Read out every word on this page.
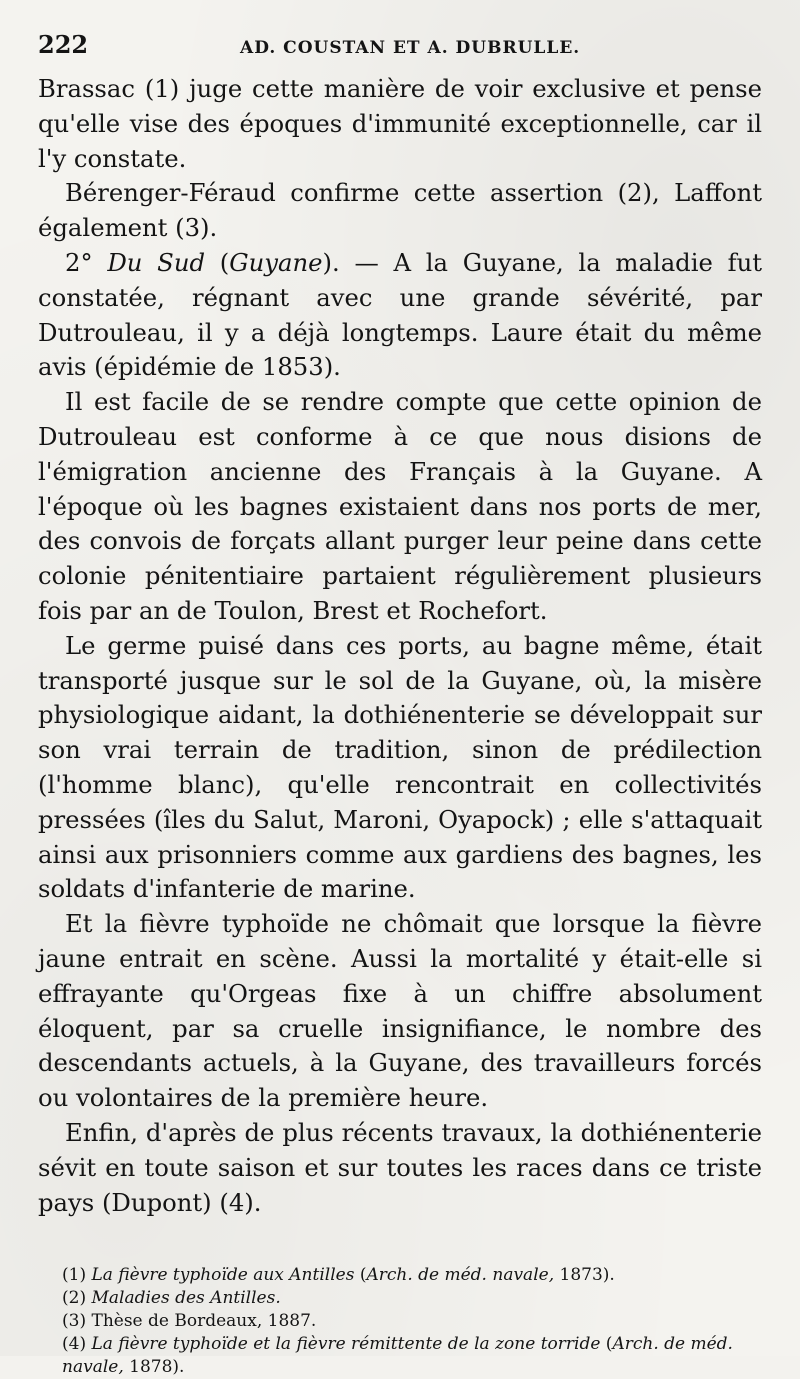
222	AD. COUSTAN ET A. DUBRULLE.

Brassac (1) juge cette manière de voir exclusive et pense qu'elle vise des époques d'immunité exceptionnelle, car il l'y constate.

Bérenger-Féraud confirme cette assertion (2), Laffont également (3).

2° Du Sud (Guyane). — A la Guyane, la maladie fut constatée, régnant avec une grande sévérité, par Dutrouleau, il y a déjà longtemps. Laure était du même avis (épidémie de 1853).

Il est facile de se rendre compte que cette opinion de Dutrouleau est conforme à ce que nous disions de l'émigration ancienne des Français à la Guyane. A l'époque où les bagnes existaient dans nos ports de mer, des convois de forçats allant purger leur peine dans cette colonie pénitentiaire partaient régulièrement plusieurs fois par an de Toulon, Brest et Rochefort.

Le germe puisé dans ces ports, au bagne même, était transporté jusque sur le sol de la Guyane, où, la misère physiologique aidant, la dothiénenterie se développait sur son vrai terrain de tradition, sinon de prédilection (l'homme blanc), qu'elle rencontrait en collectivités pressées (îles du Salut, Maroni, Oyapock) ; elle s'attaquait ainsi aux prisonniers comme aux gardiens des bagnes, les soldats d'infanterie de marine.

Et la fièvre typhoïde ne chômait que lorsque la fièvre jaune entrait en scène. Aussi la mortalité y était-elle si effrayante qu'Orgeas fixe à un chiffre absolument éloquent, par sa cruelle insignifiance, le nombre des descendants actuels, à la Guyane, des travailleurs forcés ou volontaires de la première heure.

Enfin, d'après de plus récents travaux, la dothiénenterie sévit en toute saison et sur toutes les races dans ce triste pays (Dupont) (4).

(1) La fièvre typhoïde aux Antilles (Arch. de méd. navale, 1873).

(2) Maladies des Antilles.

(3) Thèse de Bordeaux, 1887.

(4) La fièvre typhoïde et la fièvre rémittente de la zone torride (Arch. de méd. navale, 1878).
